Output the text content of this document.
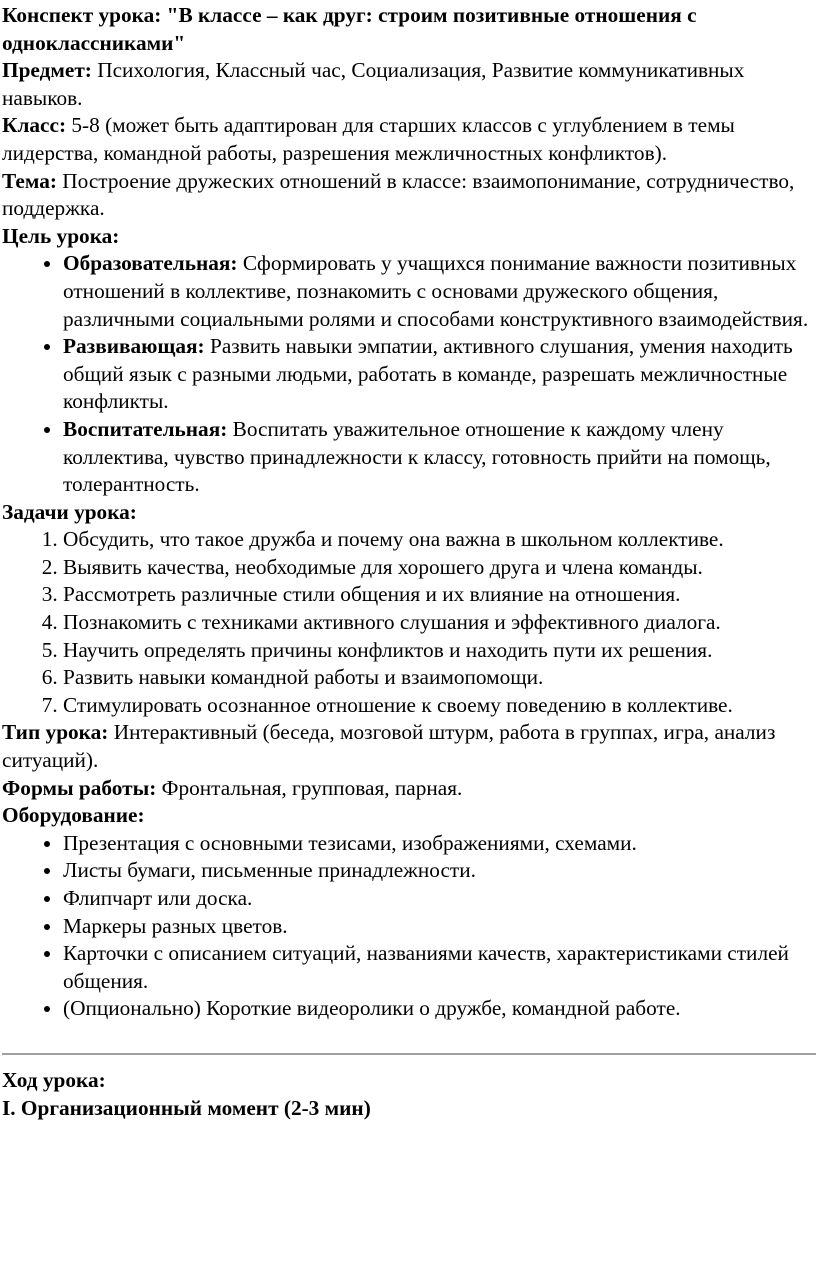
Конспект урока: "В классе – как друг: строим позитивные отношения с одноклассниками"

Предмет: Психология, Классный час, Социализация, Развитие коммуникативных навыков.

Класс: 5-8 (может быть адаптирован для старших классов с углублением в темы лидерства, командной работы, разрешения межличностных конфликтов).

Тема: Построение дружеских отношений в классе: взаимопонимание, сотрудничество, поддержка.

Цель урока:

• Образовательная: Сформировать у учащихся понимание важности позитивных отношений в коллективе, познакомить с основами дружеского общения, различными социальными ролями и способами конструктивного взаимодействия.
• Развивающая: Развить навыки эмпатии, активного слушания, умения находить общий язык с разными людьми, работать в команде, разрешать межличностные конфликты.
• Воспитательная: Воспитать уважительное отношение к каждому члену коллектива, чувство принадлежности к классу, готовность прийти на помощь, толерантность.

Задачи урока:

1. Обсудить, что такое дружба и почему она важна в школьном коллективе.
2. Выявить качества, необходимые для хорошего друга и члена команды.
3. Рассмотреть различные стили общения и их влияние на отношения.
4. Познакомить с техниками активного слушания и эффективного диалога.
5. Научить определять причины конфликтов и находить пути их решения.
6. Развить навыки командной работы и взаимопомощи.
7. Стимулировать осознанное отношение к своему поведению в коллективе.

Тип урока: Интерактивный (беседа, мозговой штурм, работа в группах, игра, анализ ситуаций).

Формы работы: Фронтальная, групповая, парная.

Оборудование:

• Презентация с основными тезисами, изображениями, схемами.
• Листы бумаги, письменные принадлежности.
• Флипчарт или доска.
• Маркеры разных цветов.
• Карточки с описанием ситуаций, названиями качеств, характеристиками стилей общения.
• (Опционально) Короткие видеоролики о дружбе, командной работе.

Ход урока:

I. Организационный момент (2-3 мин)
